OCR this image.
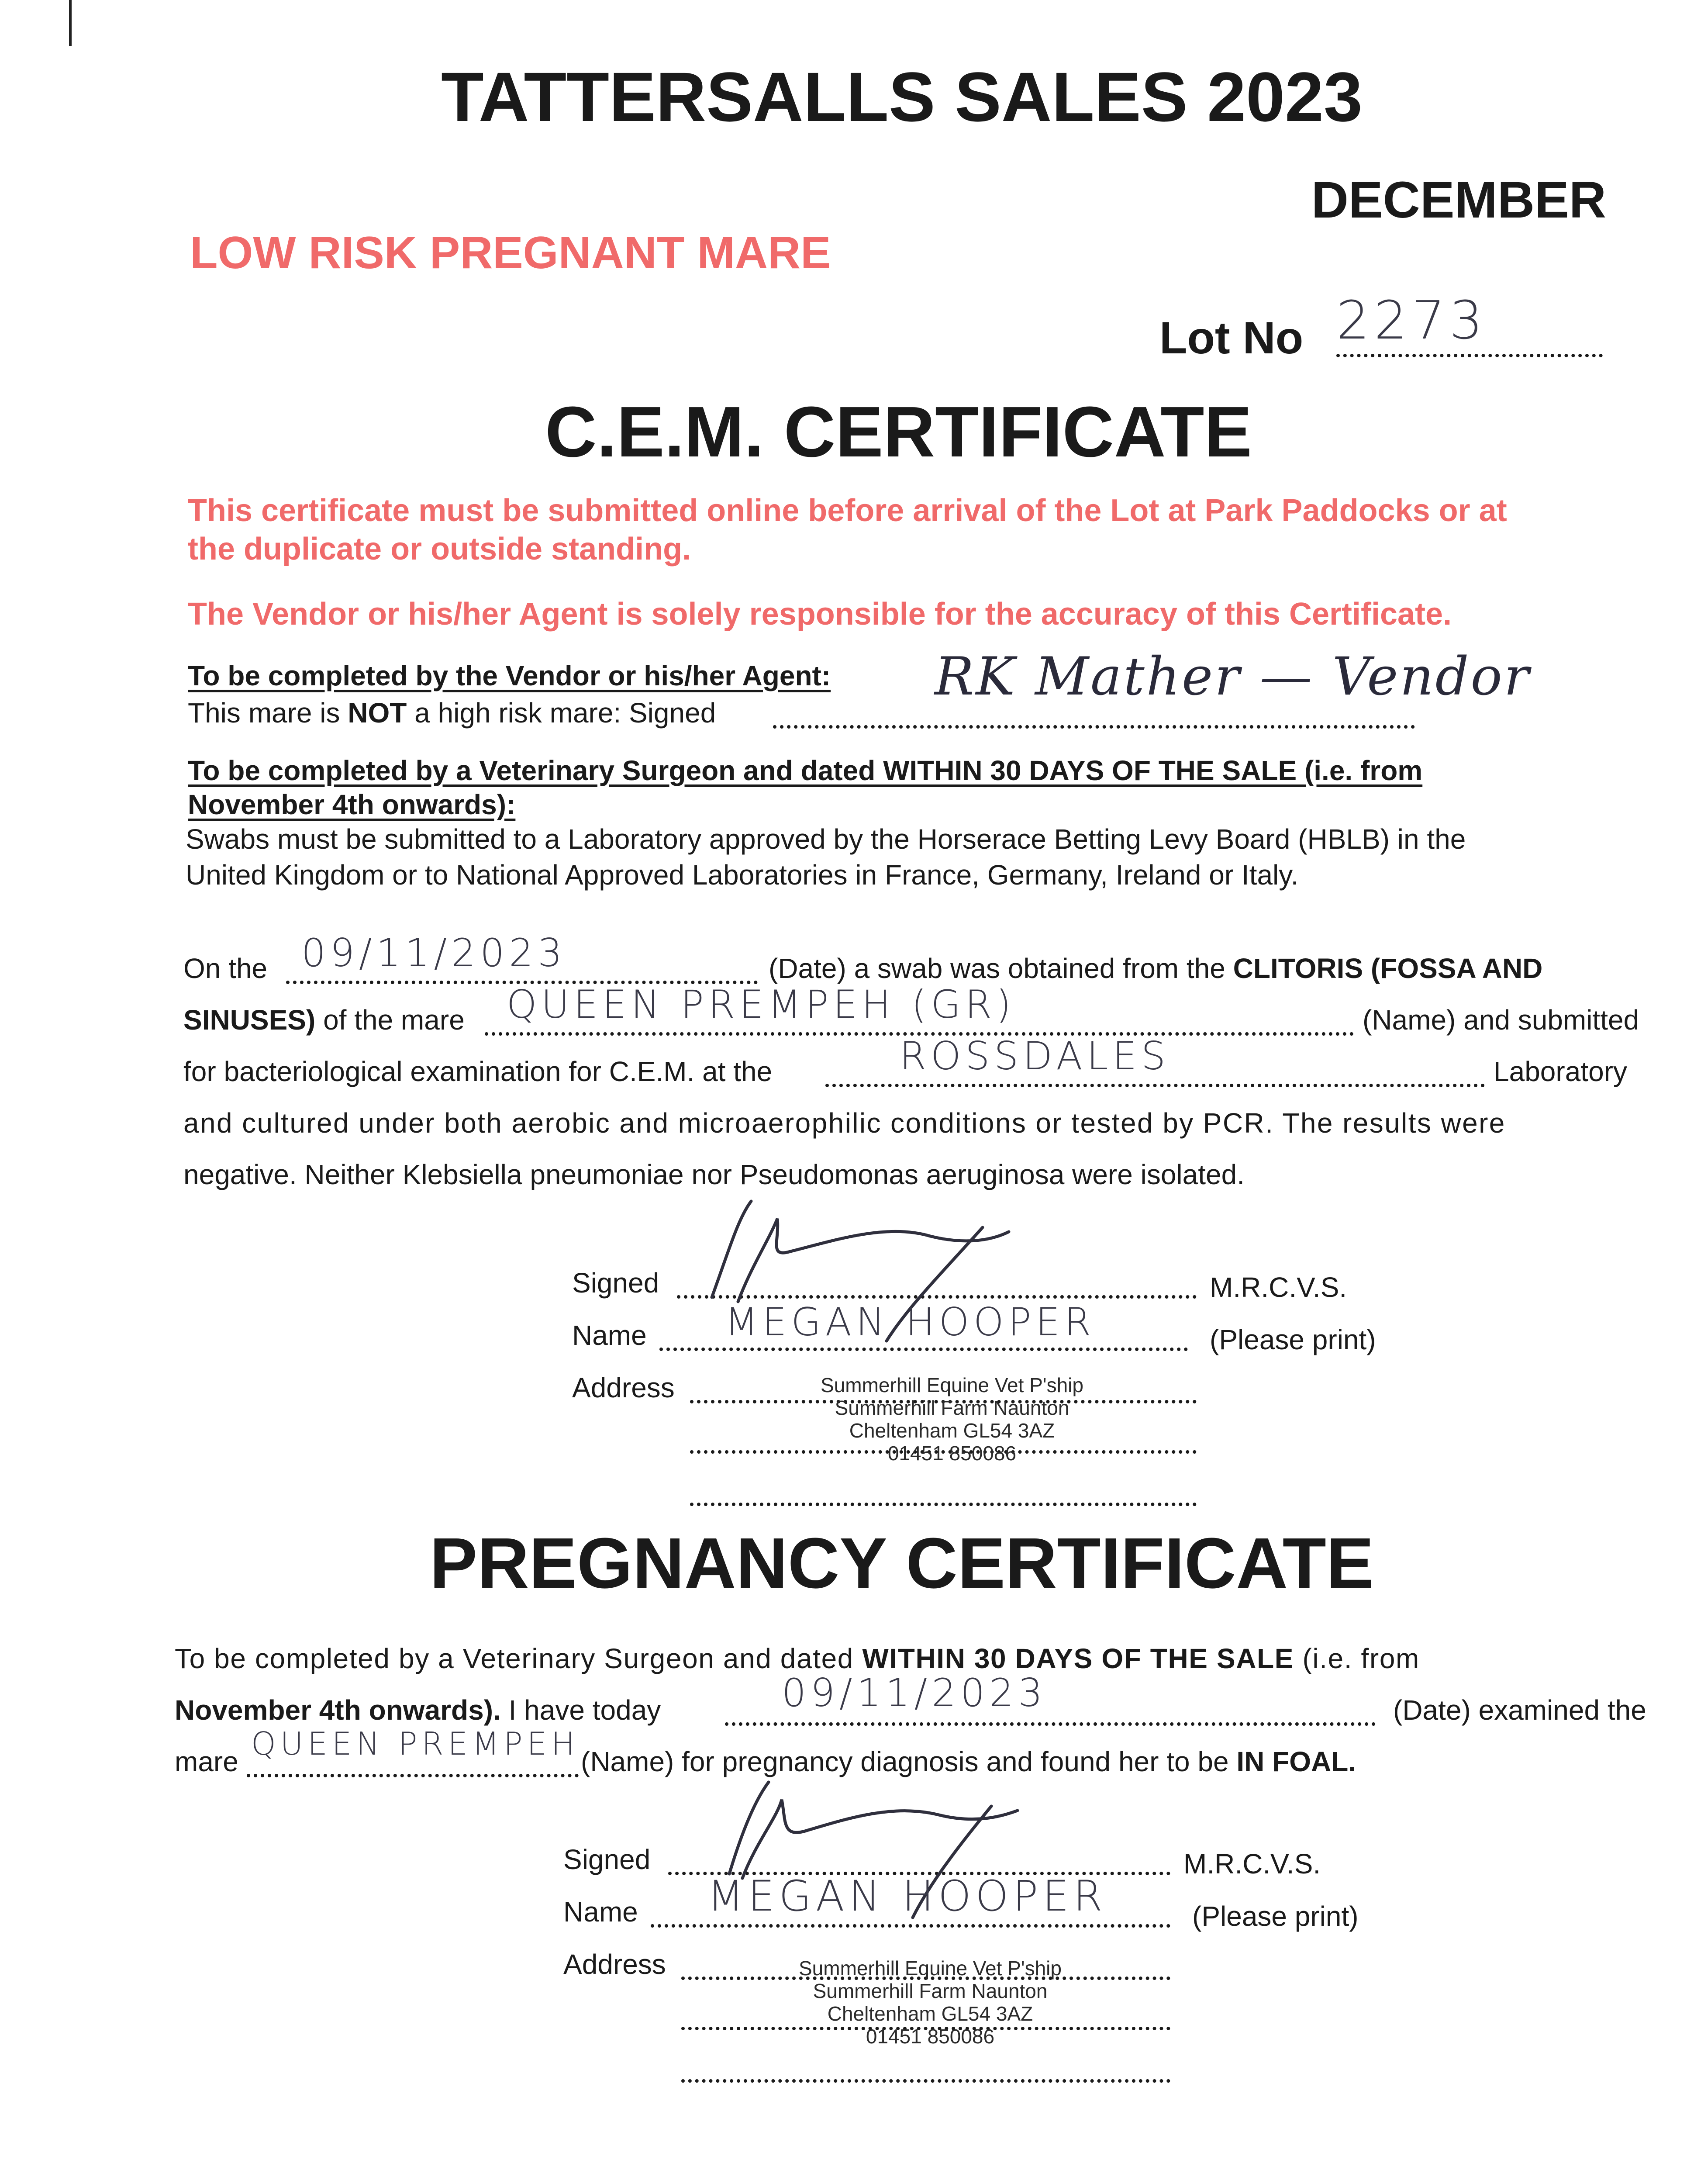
TATTERSALLS SALES 2023
DECEMBER
LOW RISK PREGNANT MARE
Lot No 2273
C.E.M. CERTIFICATE
This certificate must be submitted online before arrival of the Lot at Park Paddocks or at
the duplicate or outside standing.
The Vendor or his/her Agent is solely responsible for the accuracy of this Certificate.
To be completed by the Vendor or his/her Agent:
This mare is NOT a high risk mare: Signed
RK Mather — Vendor
To be completed by a Veterinary Surgeon and dated WITHIN 30 DAYS OF THE SALE (i.e. from
November 4th onwards):
Swabs must be submitted to a Laboratory approved by the Horserace Betting Levy Board (HBLB) in the
United Kingdom or to National Approved Laboratories in France, Germany, Ireland or Italy.
On the 09/11/2023	(Date) a swab was obtained from the CLITORIS (FOSSA AND
SINUSES) of the mare QUEEN PREMPEH (GR)	(Name) and submitted
for bacteriological examination for C.E.M. at the	ROSSDALES	Laboratory
and cultured under both aerobic and microaerophilic conditions or tested by PCR. The results were
negative. Neither Klebsiella pneumoniae nor Pseudomonas aeruginosa were isolated.
Signed	M.R.C.V.S.
Name MEGAN HOOPER	(Please print)
Address	Summerhill Equine Vet P'ship
Summerhill Farm Naunton
Cheltenham GL54 3AZ
01451 850086
PREGNANCY CERTIFICATE
To be completed by a Veterinary Surgeon and dated WITHIN 30 DAYS OF THE SALE (i.e. from
November 4th onwards). I have today	09/11/2023	(Date) examined the
mare QUEEN PREMPEH (Name) for pregnancy diagnosis and found her to be IN FOAL.
Signed	M.R.C.V.S.
Name MEGAN HOOPER	(Please print)
Address	Summerhill Equine Vet P'ship
Summerhill Farm Naunton
Cheltenham GL54 3AZ
01451 850086
